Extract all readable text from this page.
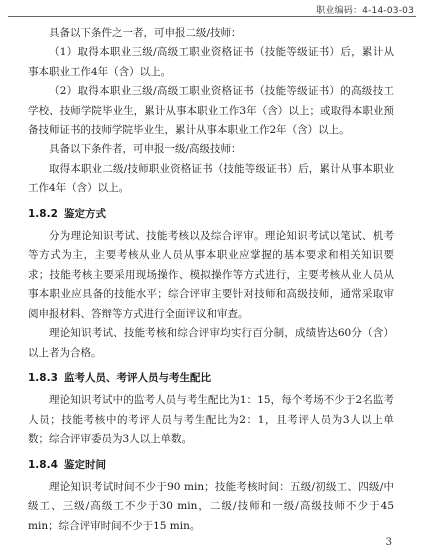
职业编码：4-14-03-03

具备以下条件之一者，可申报二级/技师：

（1）取得本职业三级/高级工职业资格证书（技能等级证书）后，累计从事本职业工作4年（含）以上。

（2）取得本职业三级/高级工职业资格证书（技能等级证书）的高级技工学校、技师学院毕业生，累计从事本职业工作3年（含）以上；或取得本职业预备技师证书的技师学院毕业生，累计从事本职业工作2年（含）以上。

具备以下条件者，可申报一级/高级技师：

取得本职业二级/技师职业资格证书（技能等级证书）后，累计从事本职业工作4年（含）以上。

1.8.2 鉴定方式

分为理论知识考试、技能考核以及综合评审。理论知识考试以笔试、机考等方式为主，主要考核从业人员从事本职业应掌握的基本要求和相关知识要求；技能考核主要采用现场操作、模拟操作等方式进行，主要考核从业人员从事本职业应具备的技能水平；综合评审主要针对技师和高级技师，通常采取审阅申报材料、答辩等方式进行全面评议和审查。

理论知识考试、技能考核和综合评审均实行百分制，成绩皆达60分（含）以上者为合格。

1.8.3 监考人员、考评人员与考生配比

理论知识考试中的监考人员与考生配比为1：15，每个考场不少于2名监考人员；技能考核中的考评人员与考生配比为2：1，且考评人员为3人以上单数；综合评审委员为3人以上单数。

1.8.4 鉴定时间

理论知识考试时间不少于90 min；技能考核时间：五级/初级工、四级/中级工、三级/高级工不少于30 min，二级/技师和一级/高级技师不少于45 min；综合评审时间不少于15 min。

3
